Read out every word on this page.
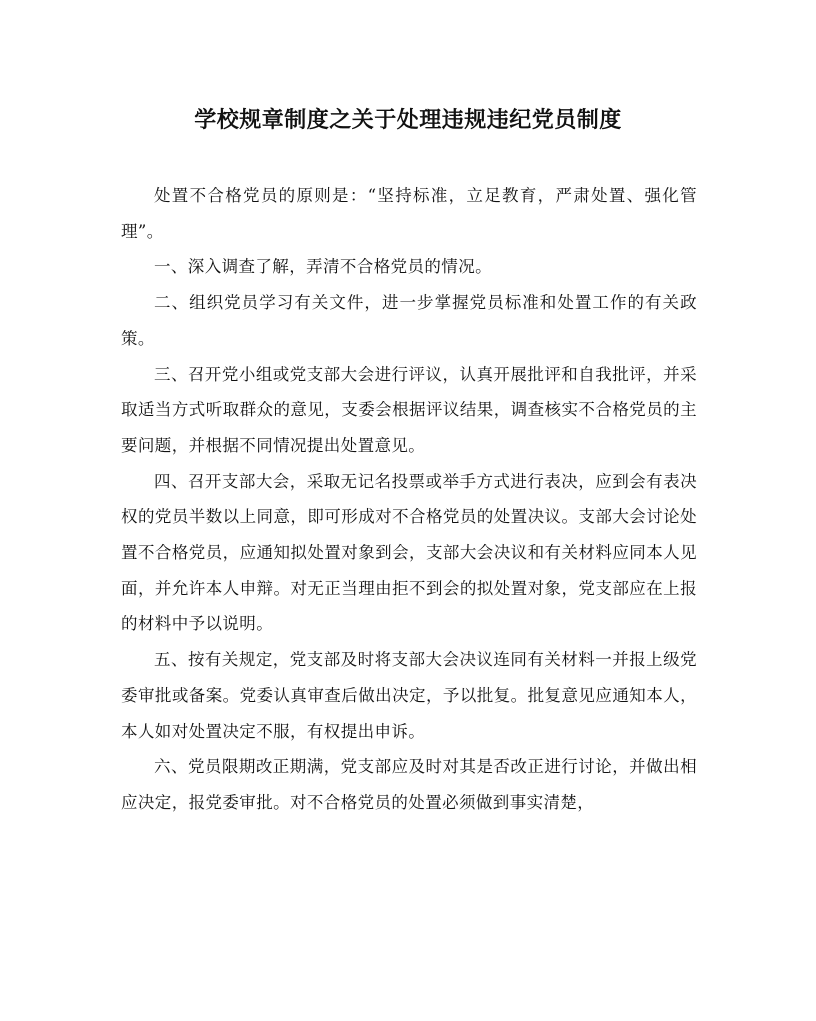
学校规章制度之关于处理违规违纪党员制度

处置不合格党员的原则是：“坚持标准，立足教育，严肃处置、强化管理”。

一、深入调查了解，弄清不合格党员的情况。

二、组织党员学习有关文件，进一步掌握党员标准和处置工作的有关政策。

三、召开党小组或党支部大会进行评议，认真开展批评和自我批评，并采取适当方式听取群众的意见，支委会根据评议结果，调查核实不合格党员的主要问题，并根据不同情况提出处置意见。

四、召开支部大会，采取无记名投票或举手方式进行表决，应到会有表决权的党员半数以上同意，即可形成对不合格党员的处置决议。支部大会讨论处置不合格党员，应通知拟处置对象到会，支部大会决议和有关材料应同本人见面，并允许本人申辩。对无正当理由拒不到会的拟处置对象，党支部应在上报的材料中予以说明。

五、按有关规定，党支部及时将支部大会决议连同有关材料一并报上级党委审批或备案。党委认真审查后做出决定，予以批复。批复意见应通知本人，本人如对处置决定不服，有权提出申诉。

六、党员限期改正期满，党支部应及时对其是否改正进行讨论，并做出相应决定，报党委审批。对不合格党员的处置必须做到事实清楚，
